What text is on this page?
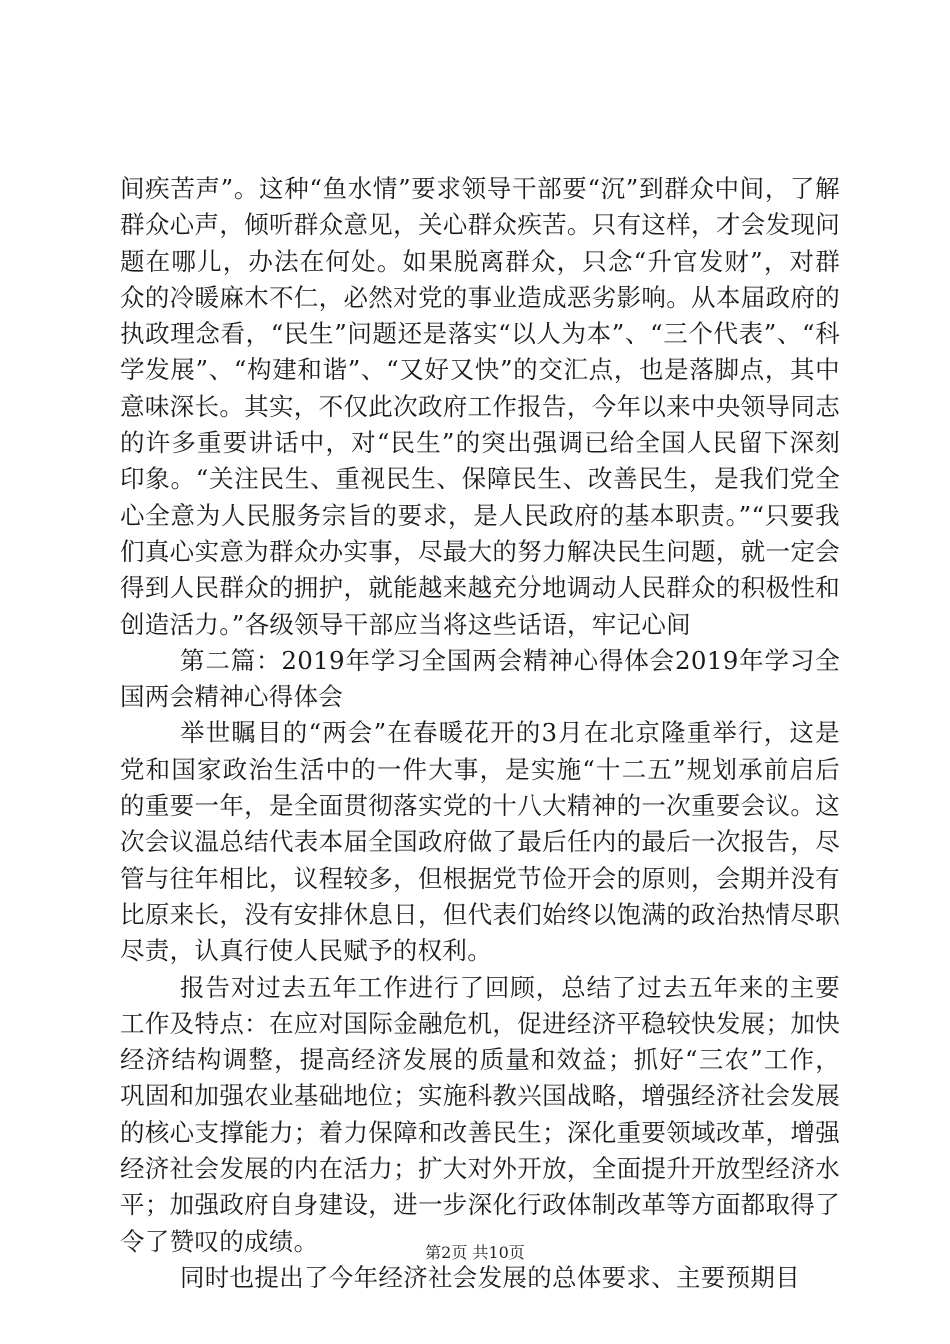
间疾苦声”。这种“鱼水情”要求领导干部要“沉”到群众中间，了解群众心声，倾听群众意见，关心群众疾苦。只有这样，才会发现问题在哪儿，办法在何处。如果脱离群众，只念“升官发财”，对群众的冷暖麻木不仁，必然对党的事业造成恶劣影响。从本届政府的执政理念看，“民生”问题还是落实“以人为本”、“三个代表”、“科学发展”、“构建和谐”、“又好又快”的交汇点，也是落脚点，其中意味深长。其实，不仅此次政府工作报告，今年以来中央领导同志的许多重要讲话中，对“民生”的突出强调已给全国人民留下深刻印象。“关注民生、重视民生、保障民生、改善民生，是我们党全心全意为人民服务宗旨的要求，是人民政府的基本职责。”“只要我们真心实意为群众办实事，尽最大的努力解决民生问题，就一定会得到人民群众的拥护，就能越来越充分地调动人民群众的积极性和创造活力。”各级领导干部应当将这些话语，牢记心间

第二篇：2019年学习全国两会精神心得体会2019年学习全国两会精神心得体会

举世瞩目的“两会”在春暖花开的3月在北京隆重举行，这是党和国家政治生活中的一件大事，是实施“十二五”规划承前启后的重要一年，是全面贯彻落实党的十八大精神的一次重要会议。这次会议温总结代表本届全国政府做了最后任内的最后一次报告，尽管与往年相比，议程较多，但根据党节俭开会的原则，会期并没有比原来长，没有安排休息日，但代表们始终以饱满的政治热情尽职尽责，认真行使人民赋予的权利。

报告对过去五年工作进行了回顾，总结了过去五年来的主要工作及特点：在应对国际金融危机，促进经济平稳较快发展；加快经济结构调整，提高经济发展的质量和效益；抓好“三农”工作，巩固和加强农业基础地位；实施科教兴国战略，增强经济社会发展的核心支撑能力；着力保障和改善民生；深化重要领域改革，增强经济社会发展的内在活力；扩大对外开放，全面提升开放型经济水平；加强政府自身建设，进一步深化行政体制改革等方面都取得了令了赞叹的成绩。

同时也提出了今年经济社会发展的总体要求、主要预期目

第2页 共10页
